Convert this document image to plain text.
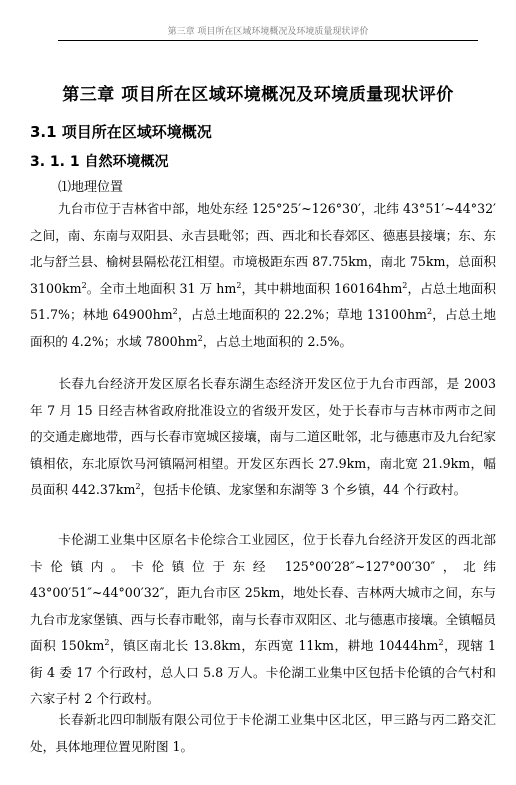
第三章 项目所在区域环境概况及环境质量现状评价
第三章 项目所在区域环境概况及环境质量现状评价
3.1 项目所在区域环境概况
3. 1. 1 自然环境概况
⑴地理位置
九台市位于吉林省中部，地处东经 125°25′~126°30′，北纬 43°51′~44°32′之间，南、东南与双阳县、永吉县毗邻；西、西北和长春郊区、德惠县接壤；东、东北与舒兰县、榆树县隔松花江相望。市境极距东西 87.75km，南北 75km，总面积 $3100km^2$。全市土地面积 31 万 $hm^2$，其中耕地面积 $160164hm^2$，占总土地面积 51.7%；林地 $64900hm^2$，占总土地面积的 22.2%；草地 $13100hm^2$，占总土地面积的 4.2%；水域 $7800hm^2$，占总土地面积的 2.5%。
长春九台经济开发区原名长春东湖生态经济开发区位于九台市西部，是 2003 年 7 月 15 日经吉林省政府批准设立的省级开发区，处于长春市与吉林市两市之间的交通走廊地带，西与长春市宽城区接壤，南与二道区毗邻，北与德惠市及九台纪家镇相依，东北原饮马河镇隔河相望。开发区东西长 27.9km，南北宽 21.9km，幅员面积 $442.37km^2$，包括卡伦镇、龙家堡和东湖等 3 个乡镇，44 个行政村。
卡伦湖工业集中区原名卡伦综合工业园区，位于长春九台经济开发区的西北部卡伦镇内。卡伦镇位于东经 125°00′28″~127°00′30″，北纬 43°00′51″~44°00′32″，距九台市区 25km，地处长春、吉林两大城市之间，东与九台市龙家堡镇、西与长春市毗邻，南与长春市双阳区、北与德惠市接壤。全镇幅员面积 $150km^2$，镇区南北长 13.8km，东西宽 11km，耕地 $10444hm^2$，现辖 1 街 4 委 17 个行政村，总人口 5.8 万人。卡伦湖工业集中区包括卡伦镇的合气村和六家子村 2 个行政村。
长春新北四印制版有限公司位于卡伦湖工业集中区北区，甲三路与丙二路交汇处，具体地理位置见附图 1。
